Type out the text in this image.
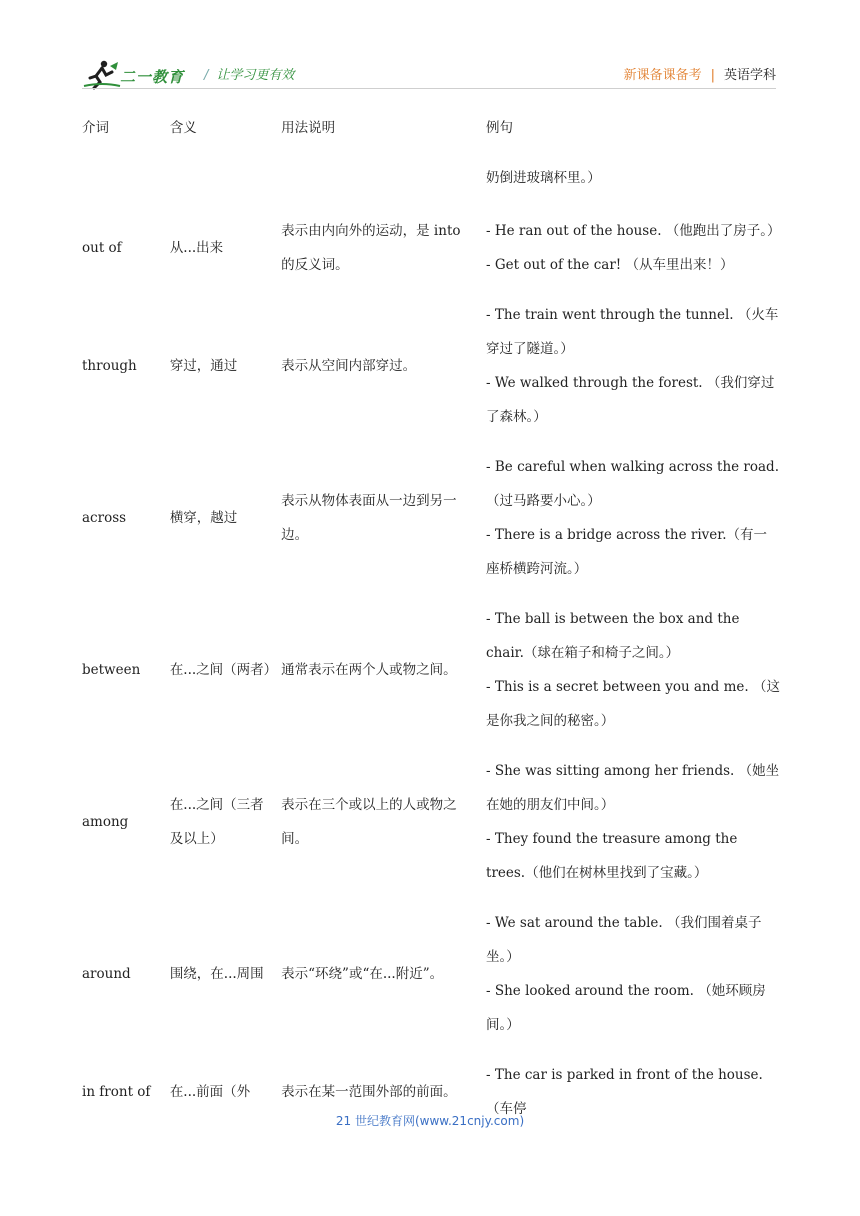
二一教育 / 让学习更有效	新课备课备考 | 英语学科
介词	含义	用法说明	例句
			奶倒进玻璃杯里。）
out of	从...出来	表示由内向外的运动，是 into 的反义词。	- He ran out of the house. （他跑出了房子。）

- Get out of the car! （从车里出来！）

through	穿过，通过	表示从空间内部穿过。	- The train went through the tunnel. （火车穿过了隧道。）

- We walked through the forest. （我们穿过了森林。）

across	横穿，越过	表示从物体表面从一边到另一边。	- Be careful when walking across the road.（过马路要小心。）

- There is a bridge across the river.（有一座桥横跨河流。）

between	在...之间（两者）	通常表示在两个人或物之间。	- The ball is between the box and the chair.（球在箱子和椅子之间。）

- This is a secret between you and me. （这是你我之间的秘密。）

among	在...之间（三者及以上）	表示在三个或以上的人或物之间。	- She was sitting among her friends. （她坐在她的朋友们中间。）

- They found the treasure among the trees.（他们在树林里找到了宝藏。）

around	围绕，在...周围	表示“环绕”或“在...附近”。	- We sat around the table. （我们围着桌子坐。）

- She looked around the room. （她环顾房间。）

in front of	在...前面（外	表示在某一范围外部的前面。	- The car is parked in front of the house.（车停

21 世纪教育网(www.21cnjy.com)
